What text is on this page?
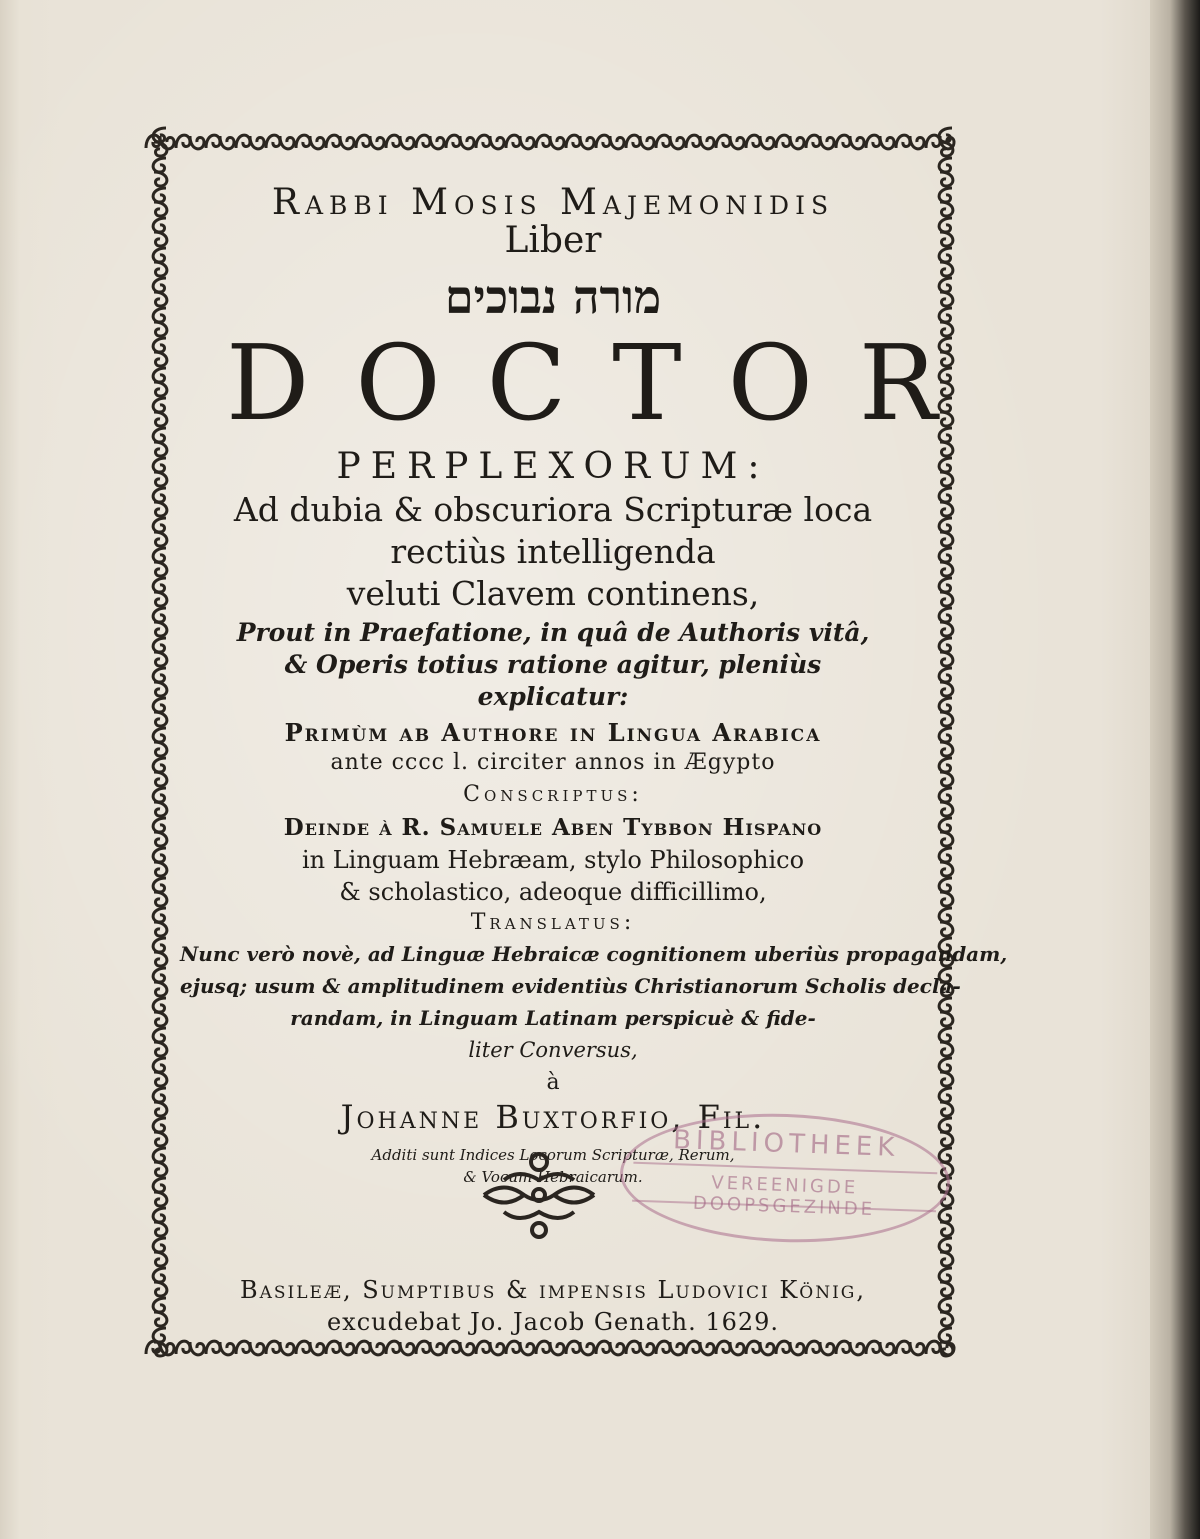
Rabbi Mosis Majemonidis
Liber
מורה נבוכים
DOCTOR
PERPLEXORUM:
Ad dubia & obscuriora Scripturæ loca
rectiùs intelligenda
veluti Clavem continens,
Prout in Praefatione, in quâ de Authoris vitâ,
& Operis totius ratione agitur, pleniùs
explicatur:
Primùm ab Authore in Lingua Arabica
ante cccc l. circiter annos in Ægypto
Conscriptus:
Deinde à R. Samuele Aben Tybbon Hispano
in Linguam Hebræam, stylo Philosophico
& scholastico, adeoque difficillimo,
Translatus:
Nunc verò novè, ad Linguæ Hebraicæ cognitionem uberiùs propagandam,
ejusq; usum & amplitudinem evidentiùs Christianorum Scholis decla-
randam, in Linguam Latinam perspicuè & fide-
liter Conversus,
à
Johanne Buxtorfio, Fil.
Additi sunt Indices Locorum Scripturæ, Rerum,
& Vocum Hebraicarum.
Basileæ, Sumptibus & impensis Ludovici König,
excudebat Jo. Jacob Genath. 1629.
BIBLIOTHEEK
VEREENIGDE DOOPSGEZINDE
